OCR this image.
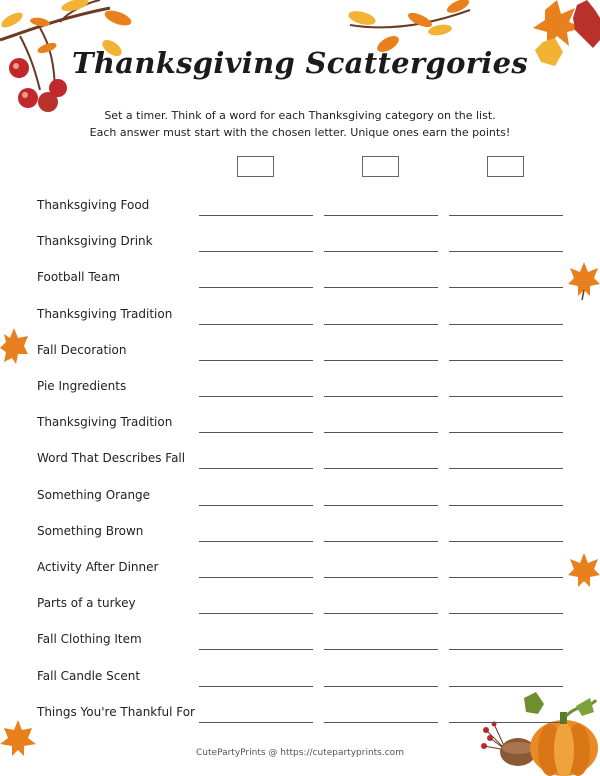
Thanksgiving Scattergories
Set a timer. Think of a word for each Thanksgiving category on the list.
Each answer must start with the chosen letter. Unique ones earn the points!
Thanksgiving Food
Thanksgiving Drink
Football Team
Thanksgiving Tradition
Fall Decoration
Pie Ingredients
Thanksgiving Tradition
Word That Describes Fall
Something Orange
Something Brown
Activity After Dinner
Parts of a turkey
Fall Clothing Item
Fall Candle Scent
Things You're Thankful For
CutePartyPrints @ https://cutepartyprints.com
